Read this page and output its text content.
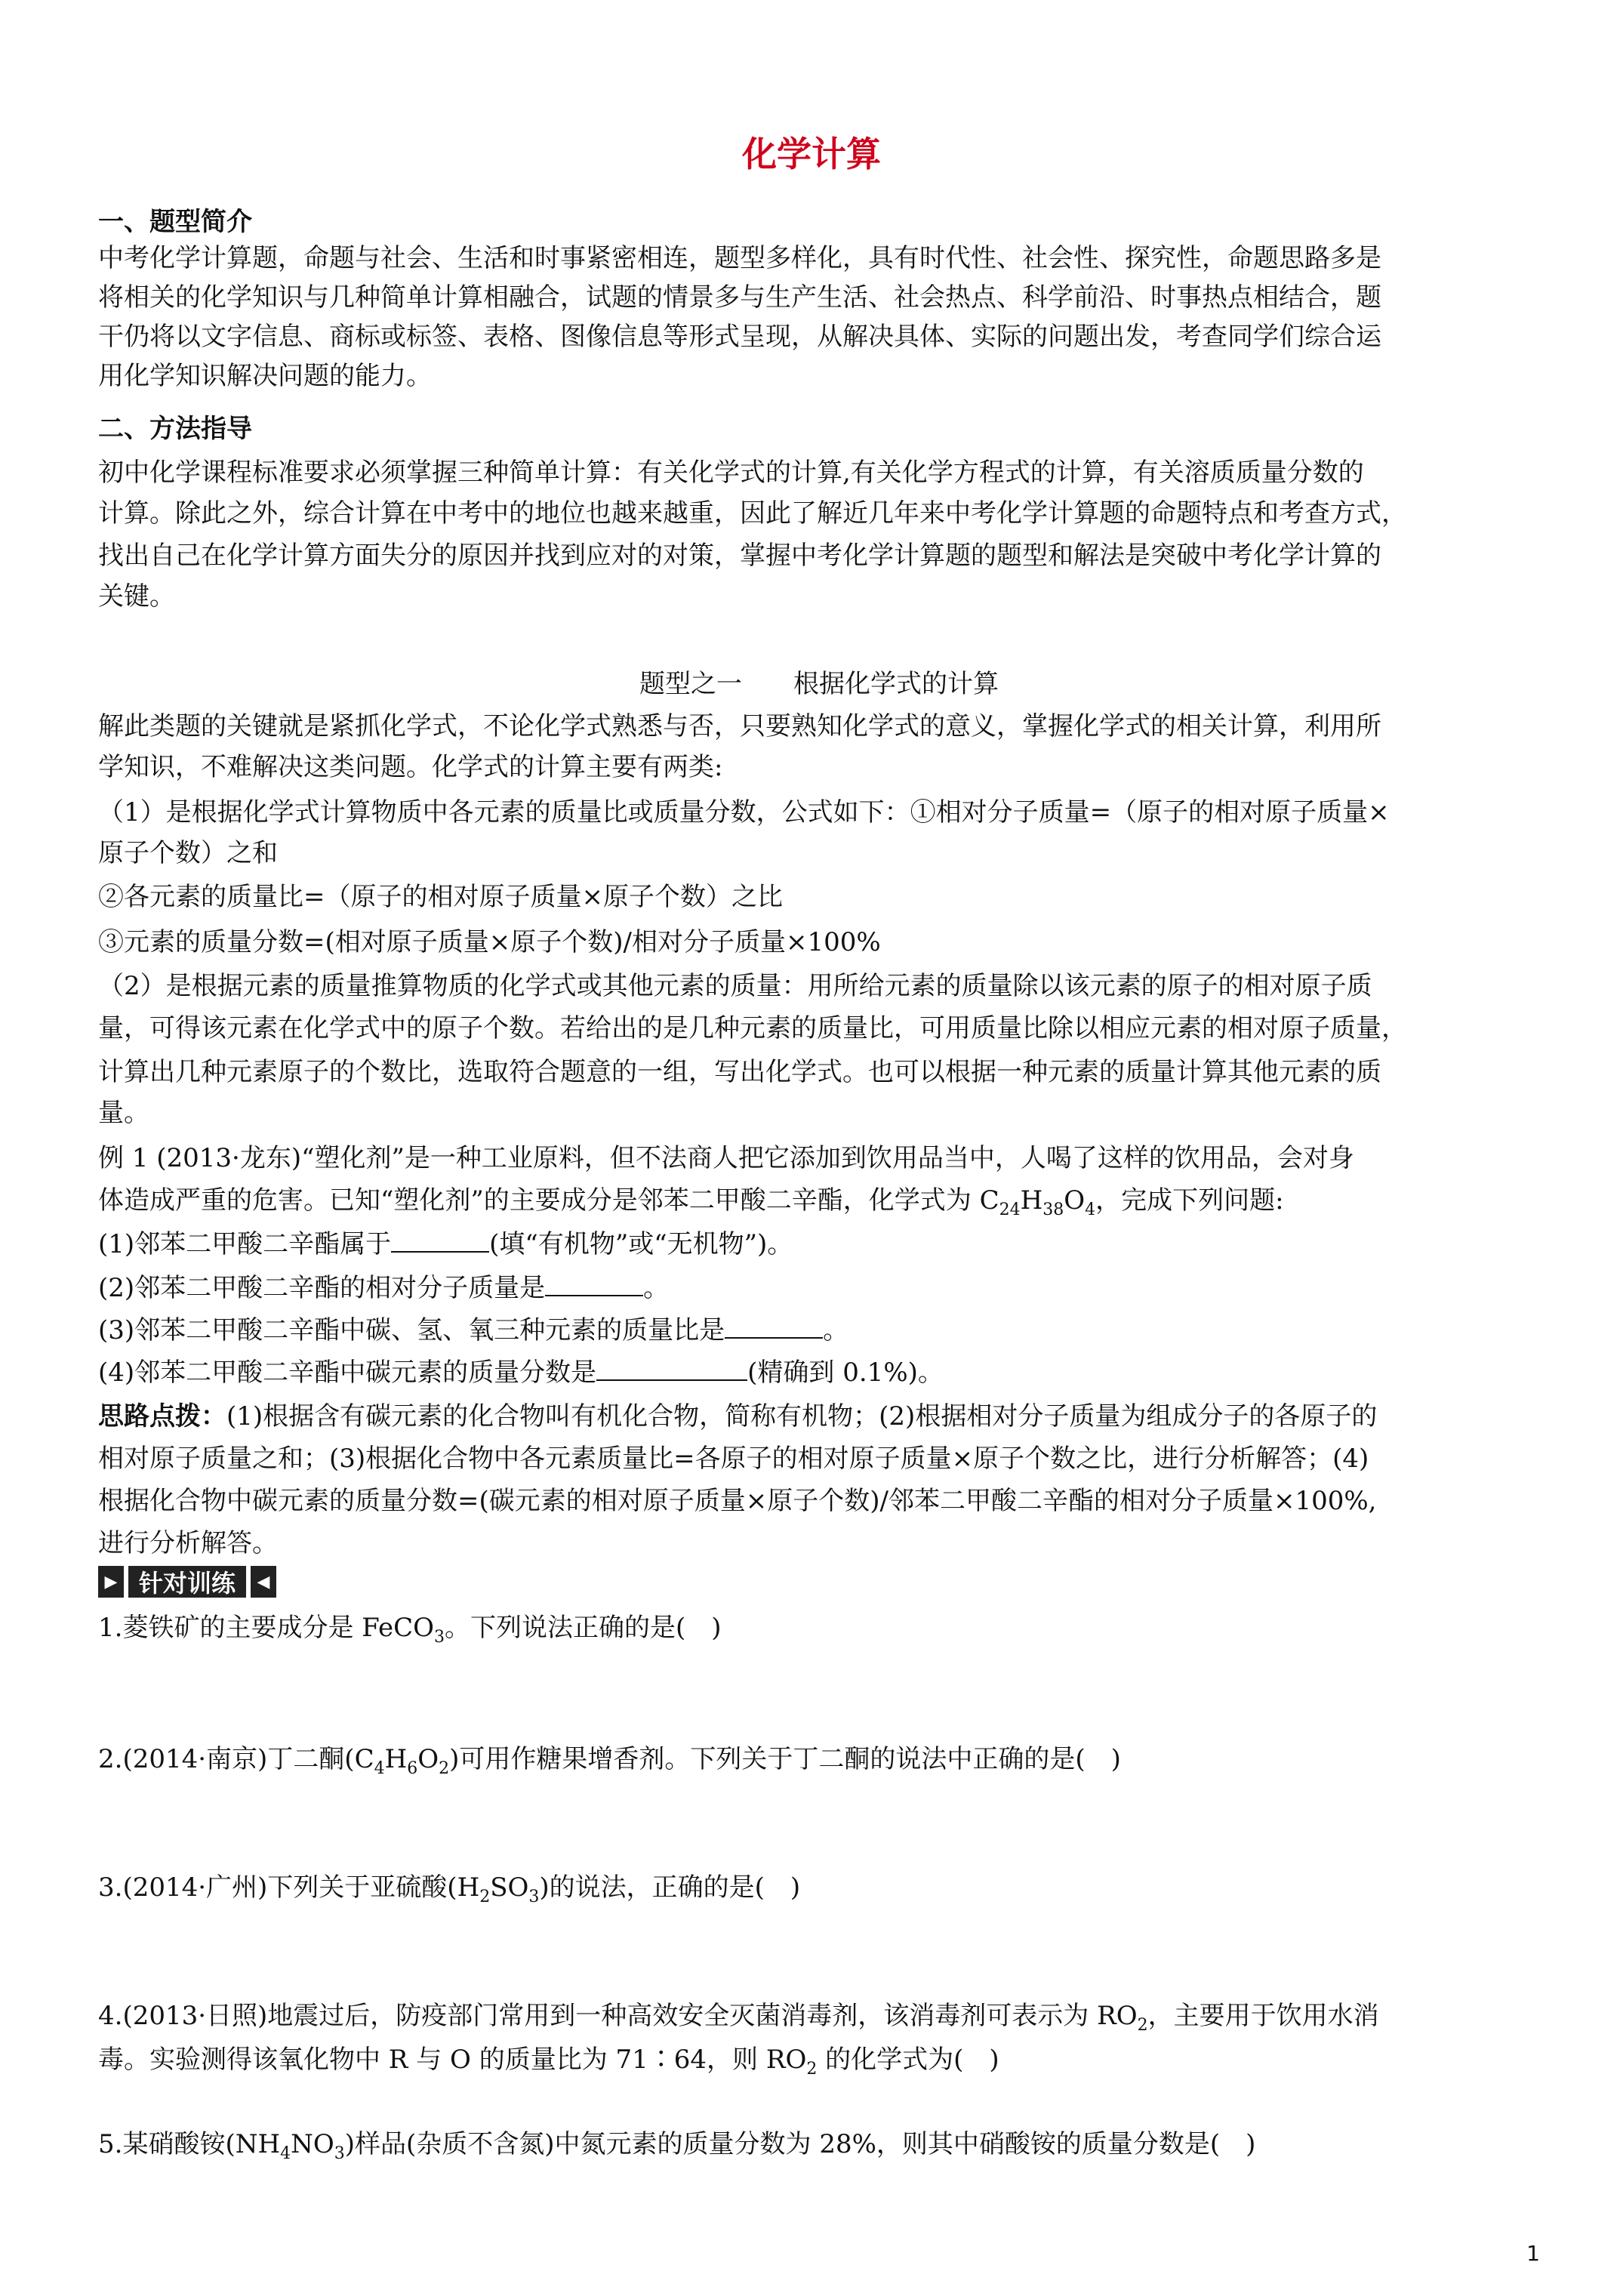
化学计算
一、题型简介
中考化学计算题，命题与社会、生活和时事紧密相连，题型多样化，具有时代性、社会性、探究性，命题思路多是
将相关的化学知识与几种简单计算相融合，试题的情景多与生产生活、社会热点、科学前沿、时事热点相结合，题
干仍将以文字信息、商标或标签、表格、图像信息等形式呈现，从解决具体、实际的问题出发，考查同学们综合运
用化学知识解决问题的能力。
二、方法指导
初中化学课程标准要求必须掌握三种简单计算：有关化学式的计算,有关化学方程式的计算，有关溶质质量分数的
计算。除此之外，综合计算在中考中的地位也越来越重，因此了解近几年来中考化学计算题的命题特点和考查方式，
找出自己在化学计算方面失分的原因并找到应对的对策，掌握中考化学计算题的题型和解法是突破中考化学计算的
关键。
题型之一　　根据化学式的计算
解此类题的关键就是紧抓化学式，不论化学式熟悉与否，只要熟知化学式的意义，掌握化学式的相关计算，利用所
学知识，不难解决这类问题。化学式的计算主要有两类:
（1）是根据化学式计算物质中各元素的质量比或质量分数，公式如下：①相对分子质量=（原子的相对原子质量×
原子个数）之和
②各元素的质量比=（原子的相对原子质量×原子个数）之比
③元素的质量分数=(相对原子质量×原子个数)/相对分子质量×100%
（2）是根据元素的质量推算物质的化学式或其他元素的质量：用所给元素的质量除以该元素的原子的相对原子质
量，可得该元素在化学式中的原子个数。若给出的是几种元素的质量比，可用质量比除以相应元素的相对原子质量，
计算出几种元素原子的个数比，选取符合题意的一组，写出化学式。也可以根据一种元素的质量计算其他元素的质
量。
例 1 (2013·龙东)“塑化剂”是一种工业原料，但不法商人把它添加到饮用品当中，人喝了这样的饮用品，会对身
体造成严重的危害。已知“塑化剂”的主要成分是邻苯二甲酸二辛酯，化学式为 $C_{24}H_{38}O_4$，完成下列问题:
(1)邻苯二甲酸二辛酯属于	(填“有机物”或“无机物”)。
(2)邻苯二甲酸二辛酯的相对分子质量是	。
(3)邻苯二甲酸二辛酯中碳、氢、氧三种元素的质量比是	。
(4)邻苯二甲酸二辛酯中碳元素的质量分数是	(精确到 0.1%)。
思路点拨：(1)根据含有碳元素的化合物叫有机化合物，简称有机物；(2)根据相对分子质量为组成分子的各原子的
相对原子质量之和；(3)根据化合物中各元素质量比=各原子的相对原子质量×原子个数之比，进行分析解答；(4)
根据化合物中碳元素的质量分数=(碳元素的相对原子质量×原子个数)/邻苯二甲酸二辛酯的相对分子质量×100%,
进行分析解答。
▶ 针对训练	◀
1.菱铁矿的主要成分是 FeCO$_3$。下列说法正确的是(　)
2.(2014·南京)丁二酮$(C_4H_6O_2)$可用作糖果增香剂。下列关于丁二酮的说法中正确的是(　)
3.(2014·广州)下列关于亚硫酸$(H_2SO_3)$的说法，正确的是(　)
4.(2013·日照)地震过后，防疫部门常用到一种高效安全灭菌消毒剂，该消毒剂可表示为 $RO_2$，主要用于饮用水消
毒。实验测得该氧化物中 R 与 O 的质量比为 71∶64，则 $RO_2$ 的化学式为(　)
5.某硝酸铵$(NH_4NO_3)$样品(杂质不含氮)中氮元素的质量分数为 28%，则其中硝酸铵的质量分数是(　)
1
